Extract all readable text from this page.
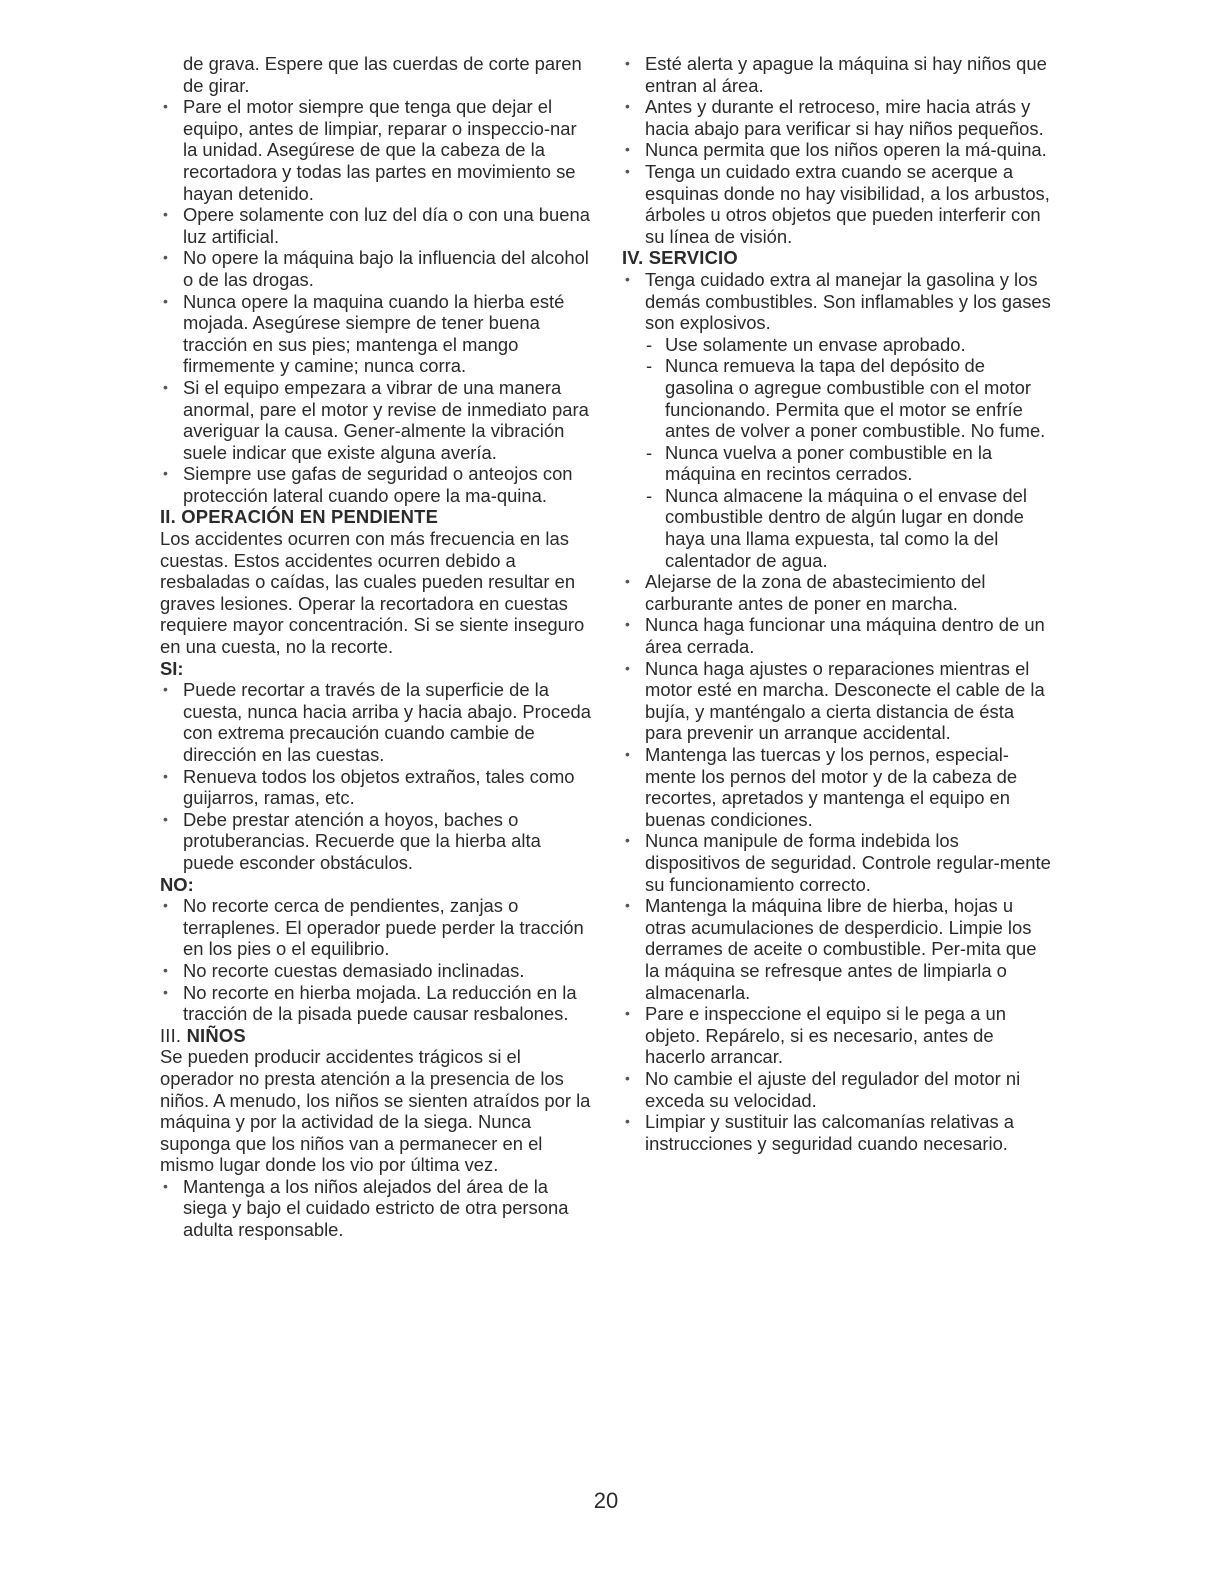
de grava. Espere que las cuerdas de corte paren de girar.

• Pare el motor siempre que tenga que dejar el equipo, antes de limpiar, reparar o inspeccio-nar la unidad. Asegúrese de que la cabeza de la recortadora y todas las partes en movimiento se hayan detenido.

• Opere solamente con luz del día o con una buena luz artificial.

• No opere la máquina bajo la influencia del alcohol o de las drogas.

• Nunca opere la maquina cuando la hierba esté mojada. Asegúrese siempre de tener buena tracción en sus pies; mantenga el mango firmemente y camine; nunca corra.

• Si el equipo empezara a vibrar de una manera anormal, pare el motor y revise de inmediato para averiguar la causa. Gener-almente la vibración suele indicar que existe alguna avería.

• Siempre use gafas de seguridad o anteojos con protección lateral cuando opere la ma-quina.

II. OPERACIÓN EN PENDIENTE

Los accidentes ocurren con más frecuencia en las cuestas. Estos accidentes ocurren debido a resbaladas o caídas, las cuales pueden resultar en graves lesiones. Operar la recortadora en cuestas requiere mayor concentración. Si se siente inseguro en una cuesta, no la recorte.

SI:

• Puede recortar a través de la superficie de la cuesta, nunca hacia arriba y hacia abajo. Proceda con extrema precaución cuando cambie de dirección en las cuestas.

• Renueva todos los objetos extraños, tales como guijarros, ramas, etc.

• Debe prestar atención a hoyos, baches o protuberancias. Recuerde que la hierba alta puede esconder obstáculos.

NO:

• No recorte cerca de pendientes, zanjas o terraplenes. El operador puede perder la tracción en los pies o el equilibrio.

• No recorte cuestas demasiado inclinadas.

• No recorte en hierba mojada. La reducción en la tracción de la pisada puede causar resbalones.

III. NIÑOS

Se pueden producir accidentes trágicos si el operador no presta atención a la presencia de los niños. A menudo, los niños se sienten atraídos por la máquina y por la actividad de la siega. Nunca suponga que los niños van a permanecer en el mismo lugar donde los vio por última vez.

• Mantenga a los niños alejados del área de la siega y bajo el cuidado estricto de otra persona adulta responsable.

• Esté alerta y apague la máquina si hay niños que entran al área.

• Antes y durante el retroceso, mire hacia atrás y hacia abajo para verificar si hay niños pequeños.

• Nunca permita que los niños operen la má-quina.

• Tenga un cuidado extra cuando se acerque a esquinas donde no hay visibilidad, a los arbustos, árboles u otros objetos que pueden interferir con su línea de visión.

IV. SERVICIO

• Tenga cuidado extra al manejar la gasolina y los demás combustibles. Son inflamables y los gases son explosivos.

- Use solamente un envase aprobado.

- Nunca remueva la tapa del depósito de gasolina o agregue combustible con el motor funcionando. Permita que el motor se enfríe antes de volver a poner combustible. No fume.

- Nunca vuelva a poner combustible en la máquina en recintos cerrados.

- Nunca almacene la máquina o el envase del combustible dentro de algún lugar en donde haya una llama expuesta, tal como la del calentador de agua.

• Alejarse de la zona de abastecimiento del carburante antes de poner en marcha.

• Nunca haga funcionar una máquina dentro de un área cerrada.

• Nunca haga ajustes o reparaciones mientras el motor esté en marcha. Desconecte el cable de la bujía, y manténgalo a cierta distancia de ésta para prevenir un arranque accidental.

• Mantenga las tuercas y los pernos, especial-mente los pernos del motor y de la cabeza de recortes, apretados y mantenga el equipo en buenas condiciones.

• Nunca manipule de forma indebida los dispositivos de seguridad. Controle regular-mente su funcionamiento correcto.

• Mantenga la máquina libre de hierba, hojas u otras acumulaciones de desperdicio. Limpie los derrames de aceite o combustible. Per-mita que la máquina se refresque antes de limpiarla o almacenarla.

• Pare e inspeccione el equipo si le pega a un objeto. Repárelo, si es necesario, antes de hacerlo arrancar.

• No cambie el ajuste del regulador del motor ni exceda su velocidad.

• Limpiar y sustituir las calcomanías relativas a instrucciones y seguridad cuando necesario.

20
